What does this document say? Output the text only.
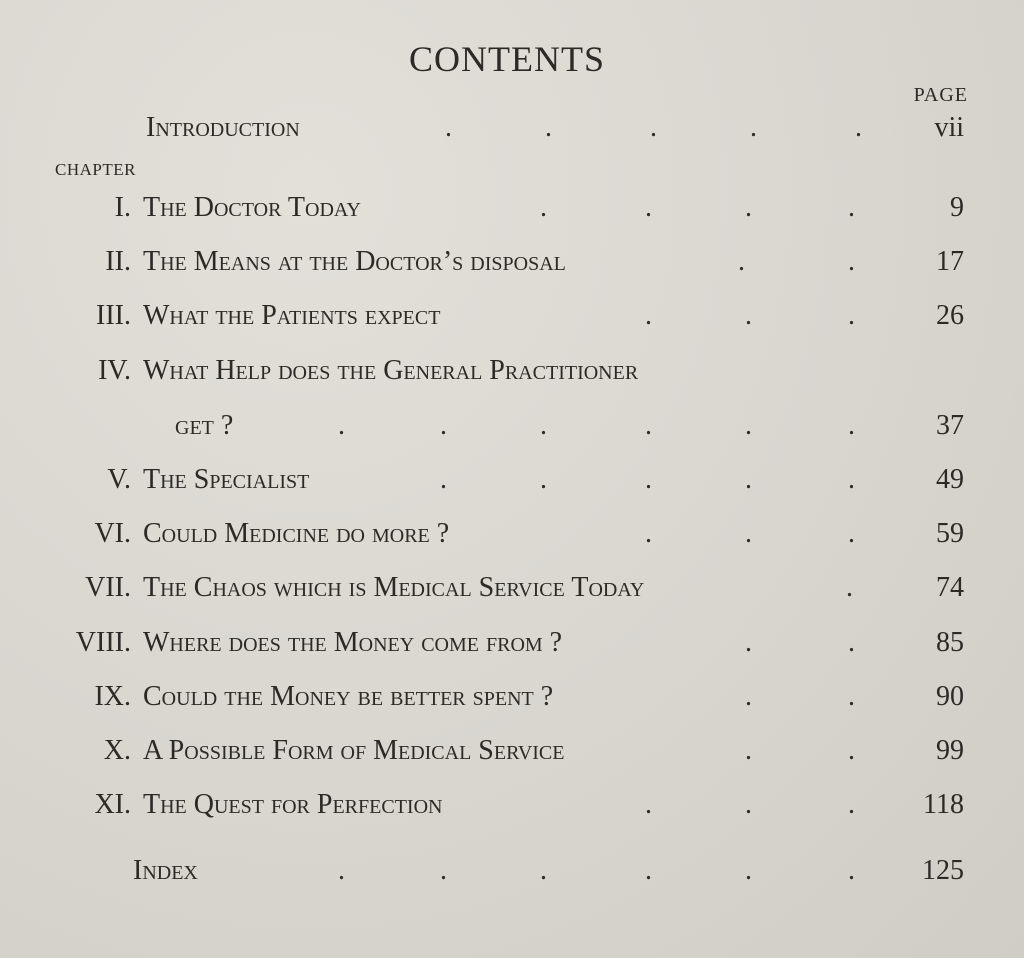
CONTENTS
PAGE
CHAPTER
Introduction	.	.	.	.	.	vii
I. The Doctor Today	.	.	.	.	9
II. The Means at the Doctor’s disposal	.	.	17
III. What the Patients expect	.	.	.	26
IV. What Help does the General Practitioner
get ?	.	.	.	.	.	.	37
V. The Specialist	.	.	.	.	.	49
VI. Could Medicine do more ?	.	.	.	59
VII. The Chaos which is Medical Service Today	.	74
VIII. Where does the Money come from ?	.	.	85
IX. Could the Money be better spent ?	.	.	90
X. A Possible Form of Medical Service	.	.	99
XI. The Quest for Perfection	.	.	. 118
Index	.	.	.	.	.	. 125
